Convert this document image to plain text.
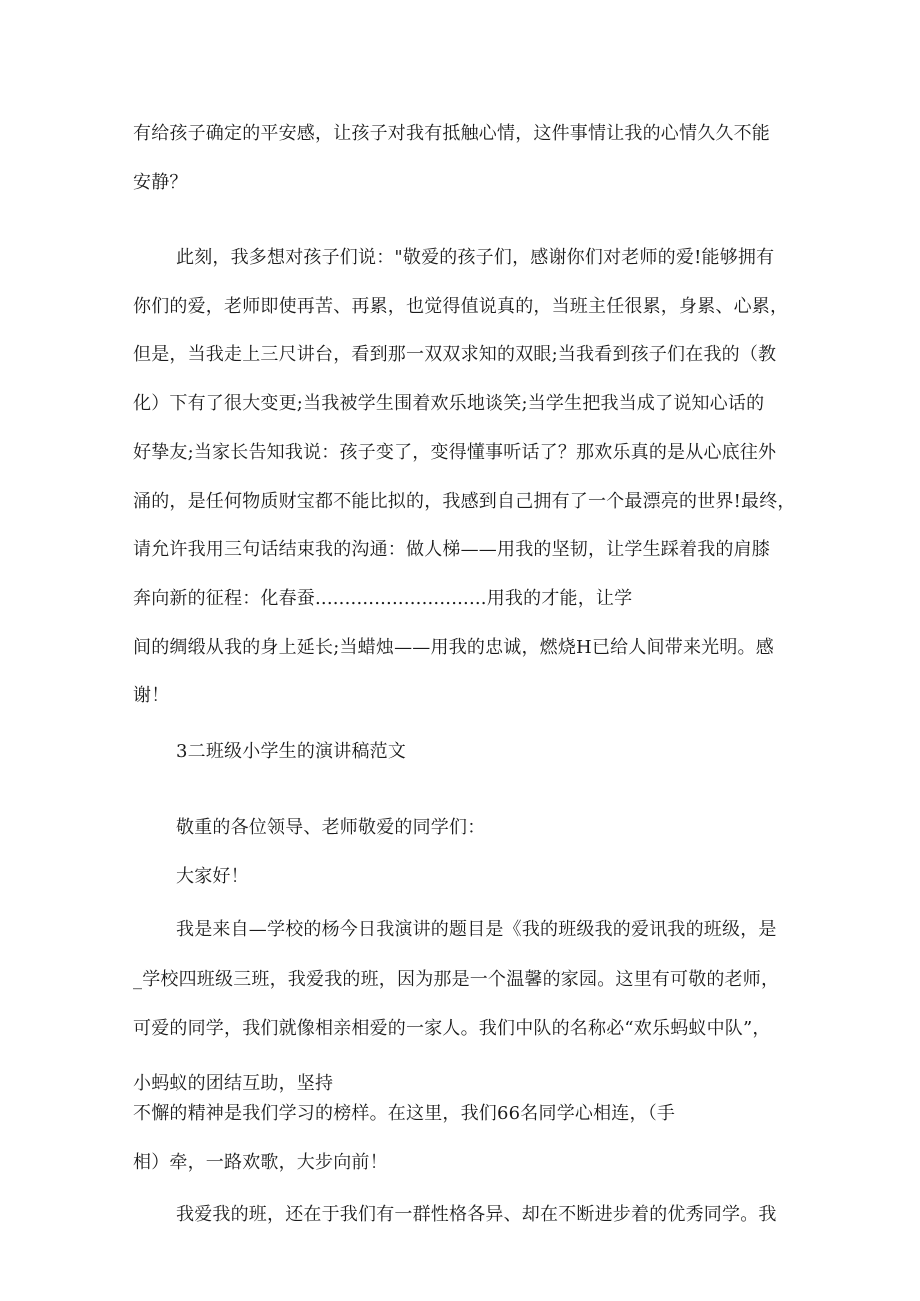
有给孩子确定的平安感，让孩子对我有抵触心情，这件事情让我的心情久久不能
安静？
此刻，我多想对孩子们说："敬爱的孩子们，感谢你们对老师的爱!能够拥有
你们的爱，老师即使再苦、再累，也觉得值说真的，当班主任很累，身累、心累，
但是，当我走上三尺讲台，看到那一双双求知的双眼;当我看到孩子们在我的（教
化）下有了很大变更;当我被学生围着欢乐地谈笑;当学生把我当成了说知心话的
好挚友;当家长告知我说：孩子变了，变得懂事听话了？那欢乐真的是从心底往外
涌的，是任何物质财宝都不能比拟的，我感到自己拥有了一个最漂亮的世界!最终，
请允许我用三句话结束我的沟通：做人梯——用我的坚韧，让学生踩着我的肩膝
奔向新的征程：化春蚕.............................用我的才能，让学
间的绸缎从我的身上延长;当蜡烛——用我的忠诚，燃烧H已给人间带来光明。感
谢！
3二班级小学生的演讲稿范文
敬重的各位领导、老师敬爱的同学们：
大家好！
我是来自—学校的杨今日我演讲的题目是《我的班级我的爱讯我的班级，是
_学校四班级三班，我爱我的班，因为那是一个温馨的家园。这里有可敬的老师，
可爱的同学，我们就像相亲相爱的一家人。我们中队的名称必“欢乐蚂蚁中队”，
小蚂蚁的团结互助，坚持
不懈的精神是我们学习的榜样。在这里，我们66名同学心相连，（手
相）牵，一路欢歌，大步向前！
我爱我的班，还在于我们有一群性格各异、却在不断进步着的优秀同学。我
